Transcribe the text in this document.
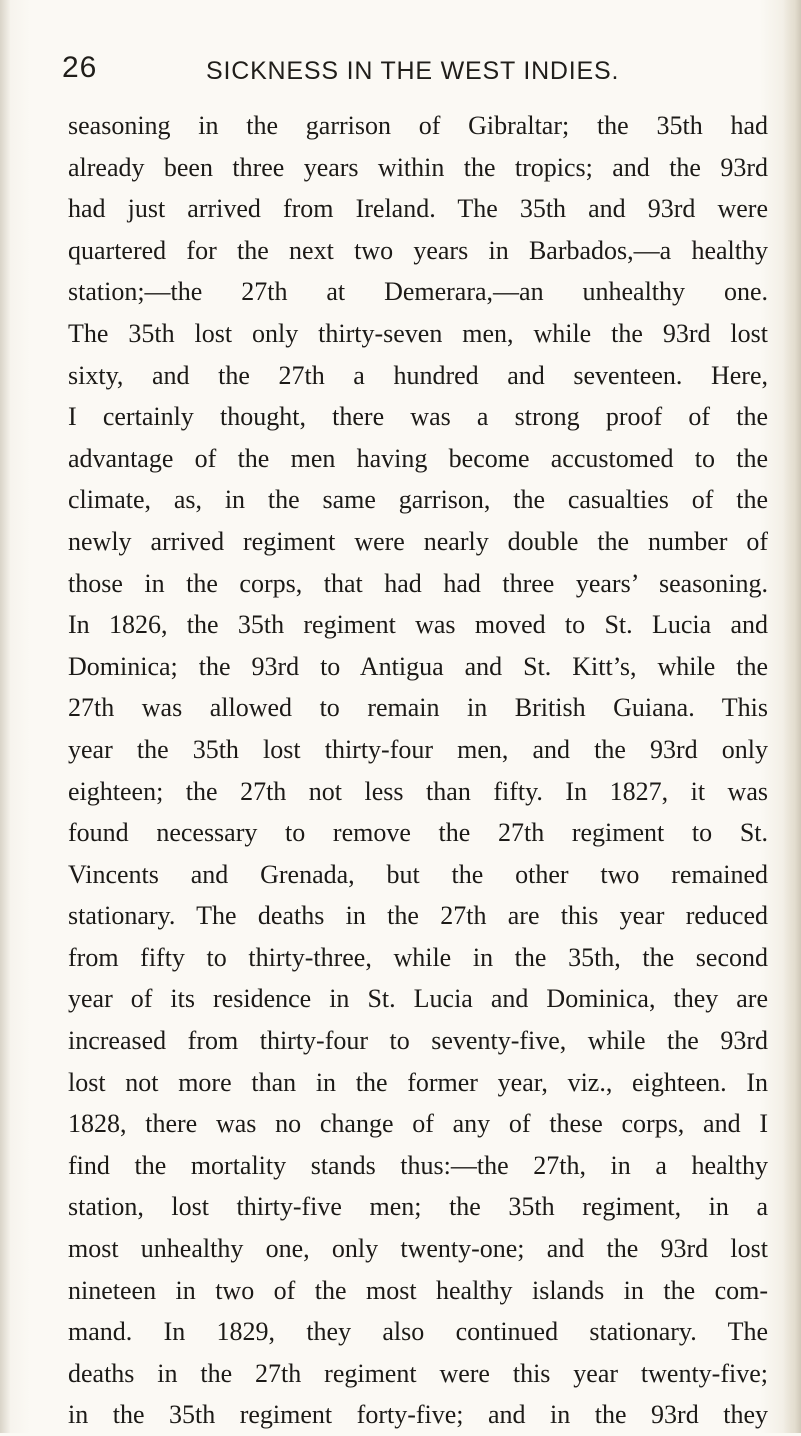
26	SICKNESS IN THE WEST INDIES.
seasoning in the garrison of Gibraltar; the 35th had
already been three years within the tropics; and the 93rd
had just arrived from Ireland. The 35th and 93rd were
quartered for the next two years in Barbados,—a healthy
station;—the 27th at Demerara,—an unhealthy one.
The 35th lost only thirty-seven men, while the 93rd lost
sixty, and the 27th a hundred and seventeen. Here,
I certainly thought, there was a strong proof of the
advantage of the men having become accustomed to the
climate, as, in the same garrison, the casualties of the
newly arrived regiment were nearly double the number of
those in the corps, that had had three years’ seasoning.
In 1826, the 35th regiment was moved to St. Lucia and
Dominica; the 93rd to Antigua and St. Kitt’s, while the
27th was allowed to remain in British Guiana. This
year the 35th lost thirty-four men, and the 93rd only
eighteen; the 27th not less than fifty. In 1827, it was
found necessary to remove the 27th regiment to St.
Vincents and Grenada, but the other two remained
stationary. The deaths in the 27th are this year reduced
from fifty to thirty-three, while in the 35th, the second
year of its residence in St. Lucia and Dominica, they are
increased from thirty-four to seventy-five, while the 93rd
lost not more than in the former year, viz., eighteen. In
1828, there was no change of any of these corps, and I
find the mortality stands thus:—the 27th, in a healthy
station, lost thirty-five men; the 35th regiment, in a
most unhealthy one, only twenty-one; and the 93rd lost
nineteen in two of the most healthy islands in the com-
mand. In 1829, they also continued stationary. The
deaths in the 27th regiment were this year twenty-five;
in the 35th regiment forty-five; and in the 93rd they
